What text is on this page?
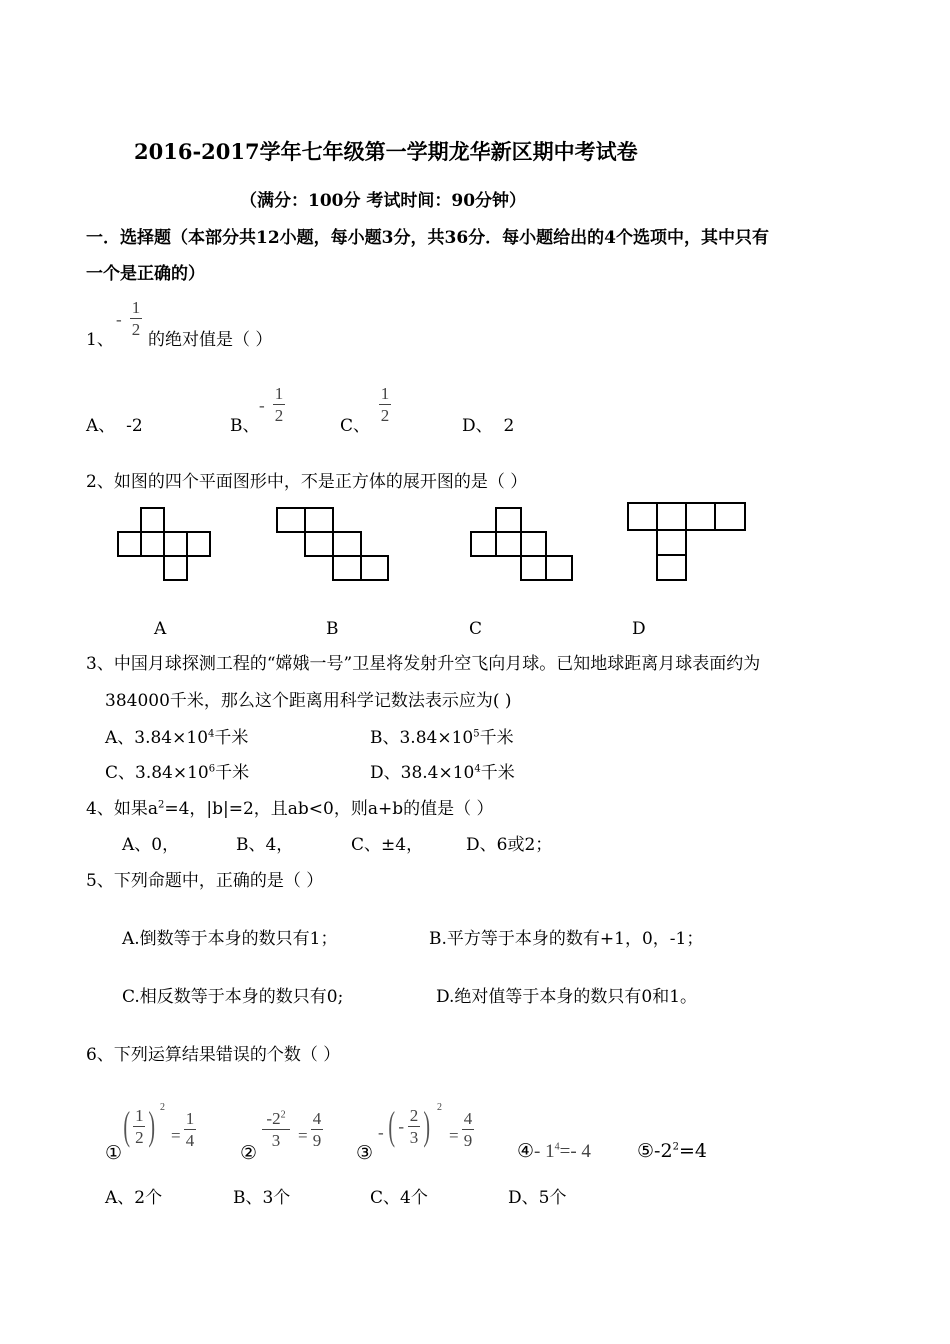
2016-2017学年七年级第一学期龙华新区期中考试卷
（满分：100分 考试时间：90分钟）
一．选择题（本部分共12小题，每小题3分，共36分．每小题给出的4个选项中，其中只有
一个是正确的）
1、
- $\frac{1}{2}$
的绝对值是（ ）
A、 -2	B、
- $\frac{1}{2}$
C、
$\frac{1}{2}$
D、 2
2、如图的四个平面图形中，不是正方体的展开图的是（ ）
A	B	C	D
3、中国月球探测工程的“嫦娥一号”卫星将发射升空飞向月球。已知地球距离月球表面约为
384000千米，那么这个距离用科学记数法表示应为( )
A、$3.84\times 10^4$千米	B、$3.84\times 10^5$千米
C、$3.84\times 10^6$千米	D、$38.4\times 10^4$千米
4、如果$a^2=4$，|b|=2，且ab<0，则a+b的值是（ ）
A、0，	B、4，	C、±4，	D、6或2；
5、下列命题中，正确的是（ ）
A.倒数等于本身的数只有1；	B.平方等于本身的数有+1，0，-1；
C.相反数等于本身的数只有0;	D.绝对值等于本身的数只有0和1。
6、下列运算结果错误的个数（ ）
①
( $\frac{1}{2}$ ) 2
= $\frac{1}{4}$
②
$\frac{-2^2}{3} = \frac{4}{9}$
③
- ( - $\frac{2}{3}$ ) 2
= $\frac{4}{9}$
④- $1^4=-$ 4 $⑤-2^2=4$
A、2个	B、3个	C、4个	D、5个
